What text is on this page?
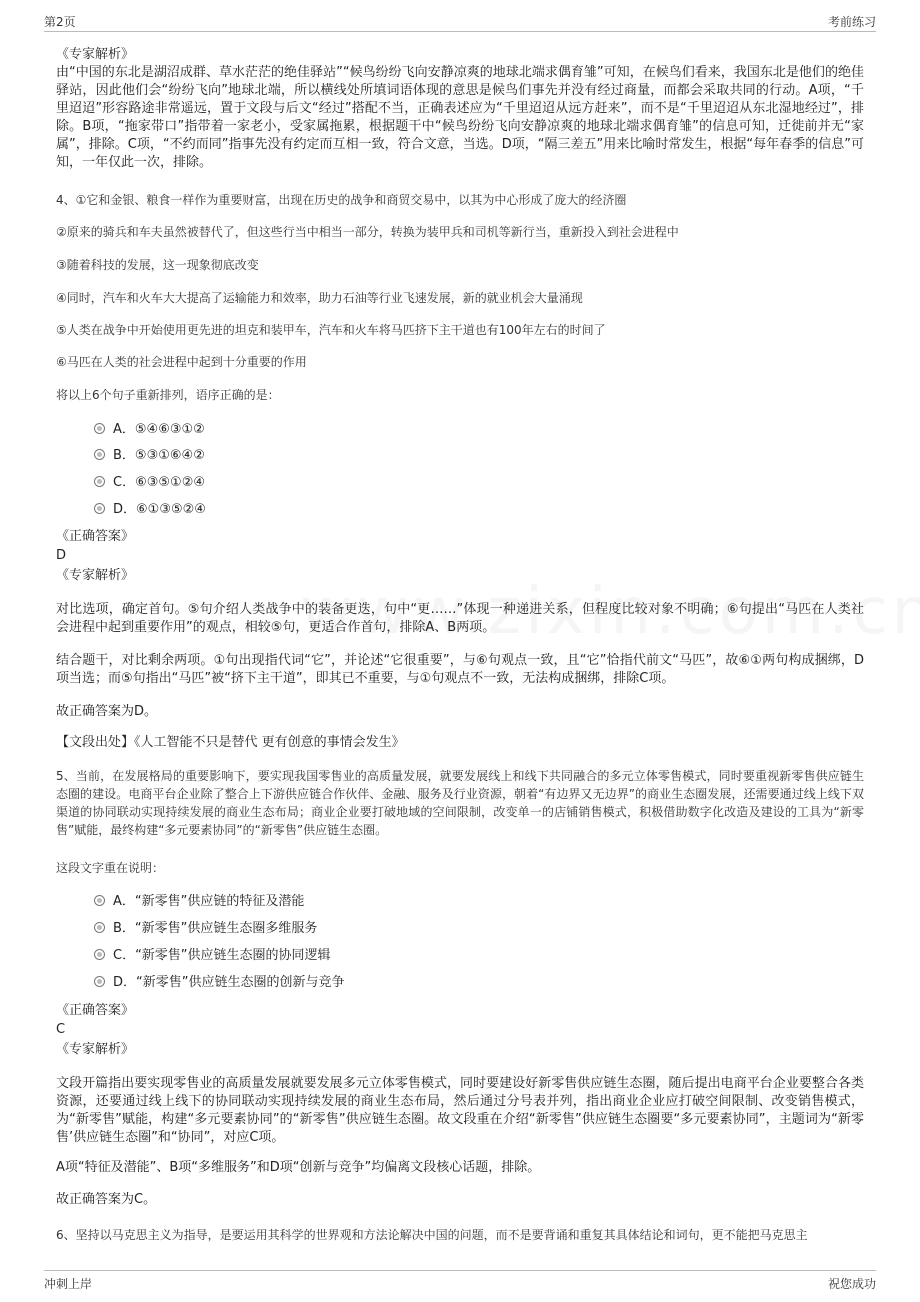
第2页	考前练习
《专家解析》
由“中国的东北是湖沼成群、草水茫茫的绝佳驿站”“候鸟纷纷飞向安静凉爽的地球北端求偶育雏”可知，在候鸟们看来，我国东北是他们的绝佳驿站，因此他们会“纷纷飞向”地球北端，所以横线处所填词语体现的意思是候鸟们事先并没有经过商量，而都会采取共同的行动。A项，“千里迢迢”形容路途非常遥远，置于文段与后文“经过”搭配不当，正确表述应为“千里迢迢从远方赶来”，而不是“千里迢迢从东北湿地经过”，排除。B项，“拖家带口”指带着一家老小，受家属拖累，根据题干中“候鸟纷纷飞向安静凉爽的地球北端求偶育雏”的信息可知，迁徙前并无“家属”，排除。C项，“不约而同”指事先没有约定而互相一致，符合文意，当选。D项，“隔三差五”用来比喻时常发生，根据“每年春季的信息”可知，一年仅此一次，排除。
4、①它和金银、粮食一样作为重要财富，出现在历史的战争和商贸交易中，以其为中心形成了庞大的经济圈
②原来的骑兵和车夫虽然被替代了，但这些行当中相当一部分，转换为装甲兵和司机等新行当，重新投入到社会进程中
③随着科技的发展，这一现象彻底改变
④同时，汽车和火车大大提高了运输能力和效率，助力石油等行业飞速发展，新的就业机会大量涌现
⑤人类在战争中开始使用更先进的坦克和装甲车，汽车和火车将马匹挤下主干道也有100年左右的时间了
⑥马匹在人类的社会进程中起到十分重要的作用
将以上6个句子重新排列，语序正确的是：
A．⑤④⑥③①②
B．⑤③①⑥④②
C．⑥③⑤①②④
D．⑥①③⑤②④
《正确答案》
D
《专家解析》
对比选项，确定首句。⑤句介绍人类战争中的装备更迭，句中“更……”体现一种递进关系，但程度比较对象不明确；⑥句提出“马匹在人类社会进程中起到重要作用”的观点，相较⑤句，更适合作首句，排除A、B两项。
结合题干，对比剩余两项。①句出现指代词“它”，并论述“它很重要”，与⑥句观点一致，且“它”恰指代前文“马匹”，故⑥①两句构成捆绑，D项当选；而⑤句指出“马匹”被“挤下主干道”，即其已不重要，与①句观点不一致，无法构成捆绑，排除C项。
故正确答案为D。
【文段出处】《人工智能不只是替代 更有创意的事情会发生》
5、当前，在发展格局的重要影响下，要实现我国零售业的高质量发展，就要发展线上和线下共同融合的多元立体零售模式，同时要重视新零售供应链生态圈的建设。电商平台企业除了整合上下游供应链合作伙伴、金融、服务及行业资源，朝着“有边界又无边界”的商业生态圈发展，还需要通过线上线下双渠道的协同联动实现持续发展的商业生态布局；商业企业要打破地域的空间限制，改变单一的店铺销售模式，积极借助数字化改造及建设的工具为“新零售”赋能，最终构建“多元要素协同”的“新零售”供应链生态圈。
这段文字重在说明：
A．“新零售”供应链的特征及潜能
B．“新零售”供应链生态圈多维服务
C．“新零售”供应链生态圈的协同逻辑
D．“新零售”供应链生态圈的创新与竞争
《正确答案》
C
《专家解析》
文段开篇指出要实现零售业的高质量发展就要发展多元立体零售模式，同时要建设好新零售供应链生态圈，随后提出电商平台企业要整合各类资源，还要通过线上线下的协同联动实现持续发展的商业生态布局，然后通过分号表并列，指出商业企业应打破空间限制、改变销售模式，为“新零售”赋能，构建“多元要素协同”的“新零售”供应链生态圈。故文段重在介绍“新零售”供应链生态圈要“多元要素协同”，主题词为“新零售’供应链生态圈”和“协同”，对应C项。
A项“特征及潜能”、B项“多维服务”和D项“创新与竞争”均偏离文段核心话题，排除。
故正确答案为C。
6、坚持以马克思主义为指导，是要运用其科学的世界观和方法论解决中国的问题，而不是要背诵和重复其具体结论和词句，更不能把马克思主
冲刺上岸	祝您成功
